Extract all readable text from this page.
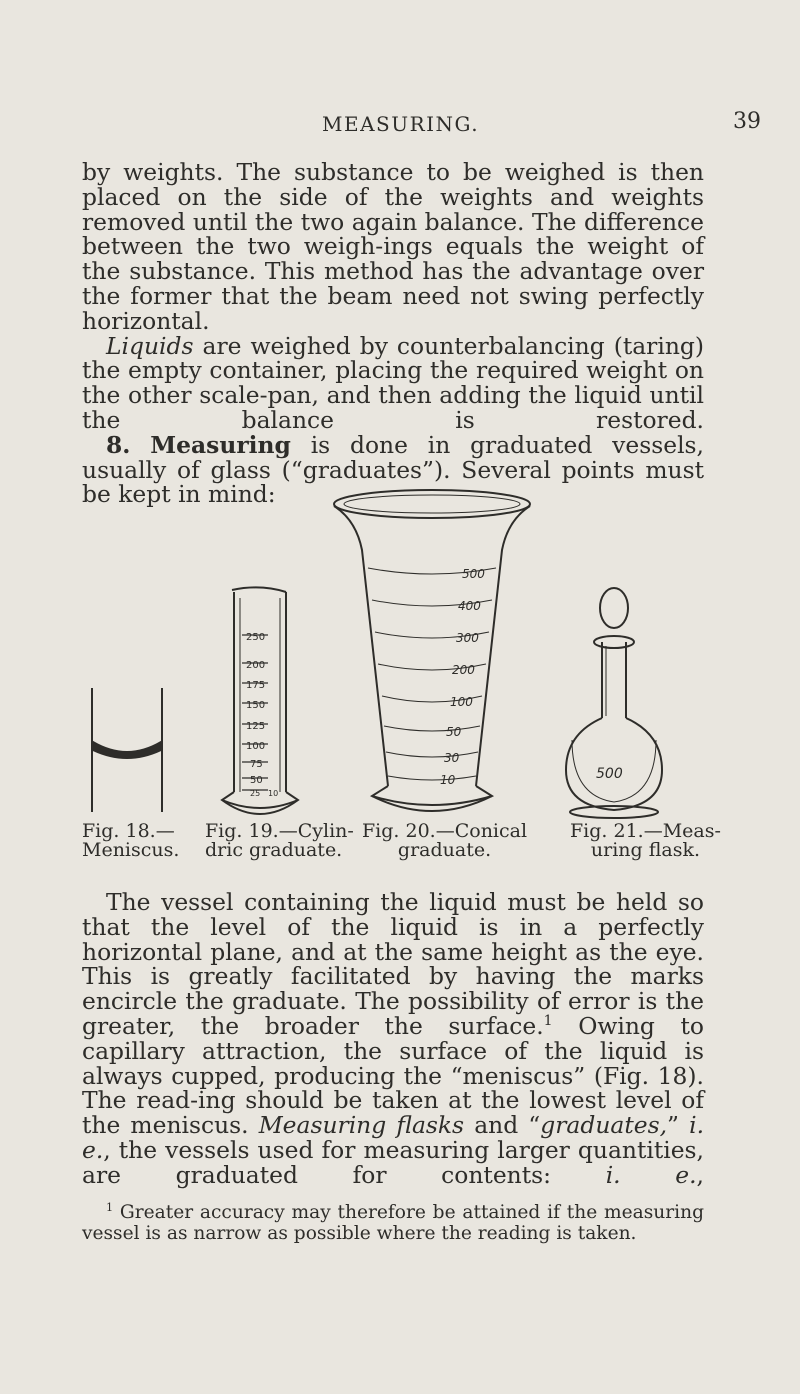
MEASURING.	39

by weights. The substance to be weighed is then placed on the side of the weights and weights removed until the two again balance. The difference between the two weigh-ings equals the weight of the substance. This method has the advantage over the former that the beam need not swing perfectly horizontal.

Liquids are weighed by counterbalancing (taring) the empty container, placing the required weight on the other scale-pan, and then adding the liquid until the balance is restored.

8. Measuring is done in graduated vessels, usually of glass (“graduates”). Several points must be kept in mind:

250
200
175
150
125
100
75
50
25 10
500
400
300
200
100
50
30
10	500
Fig. 18.—
Meniscus.
Fig. 19.—Cylin-
dric graduate.
Fig. 20.—Conical
graduate.
Fig. 21.—Meas-
uring flask.

The vessel containing the liquid must be held so that the level of the liquid is in a perfectly horizontal plane, and at the same height as the eye. This is greatly facilitated by having the marks encircle the graduate. The possibility of error is the greater, the broader the surface.$^1$ Owing to capillary attraction, the surface of the liquid is always cupped, producing the “meniscus” (Fig. 18). The read-ing should be taken at the lowest level of the meniscus. Measuring flasks and “graduates,” i. e., the vessels used for measuring larger quantities, are graduated for contents: i. e.,

$^1$ Greater accuracy may therefore be attained if the measuring vessel is as narrow as possible where the reading is taken.
